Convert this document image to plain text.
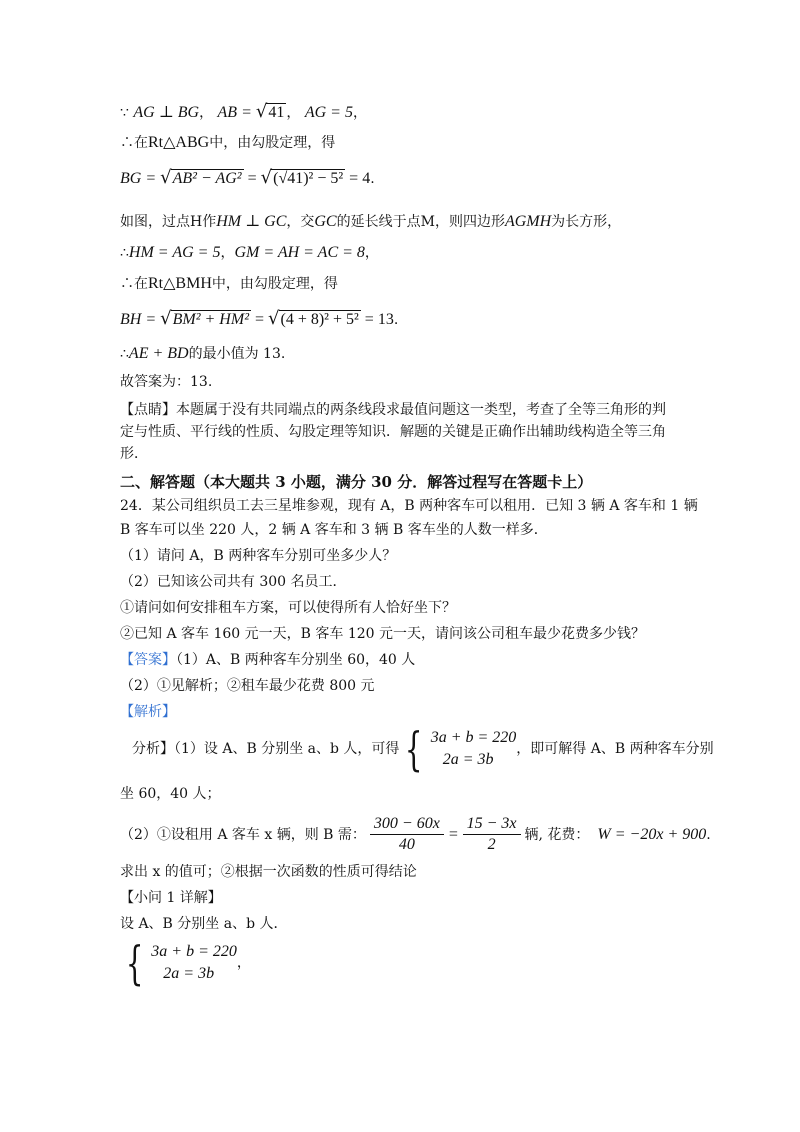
∵ AG ⊥ BG， AB = √41 ， AG = 5，
∴在Rt△ABG中，由勾股定理，得
BG = √AB² − AG² = √(√41)² − 5² = 4.
如图，过点H作HM ⊥ GC，交GC的延长线于点M，则四边形AGMH为长方形，
∴HM = AG = 5，GM = AH = AC = 8，
∴在Rt△BMH中，由勾股定理，得
BH = √BM² + HM² = √(4 + 8)² + 5² = 13.
∴AE + BD的最小值为 13.
故答案为：13.
【点睛】本题属于没有共同端点的两条线段求最值问题这一类型，考查了全等三角形的判
定与性质、平行线的性质、勾股定理等知识．解题的关键是正确作出辅助线构造全等三角
形．
二、解答题（本大题共 3 小题，满分 30 分．解答过程写在答题卡上）
24．某公司组织员工去三星堆参观，现有 A，B 两种客车可以租用．已知 3 辆 A 客车和 1 辆
B 客车可以坐 220 人，2 辆 A 客车和 3 辆 B 客车坐的人数一样多．
（1）请问 A，B 两种客车分别可坐多少人？
（2）已知该公司共有 300 名员工．
①请问如何安排租车方案，可以使得所有人恰好坐下？
②已知 A 客车 160 元一天，B 客车 120 元一天，请问该公司租车最少花费多少钱？
【答案】（1）A、B 两种客车分别坐 60，40 人
（2）①见解析；②租车最少花费 800 元
【解析】
分析】（1）设 A、B 分别坐 a、b 人，可得 { 3a + b = 220
2a = 3b
，即可解得 A、B 两种客车分别
坐 60，40 人；
（2）①设租用 A 客车 x 辆，则 B 需： $\frac{300 - 60x}{40} = \frac{15 - 3x}{2}$ 辆, 花费： W = −20x + 900 .
求出 x 的值可；②根据一次函数的性质可得结论
【小问 1 详解】
设 A、B 分别坐 a、b 人．
{ 3a + b = 220
2a = 3b
，
